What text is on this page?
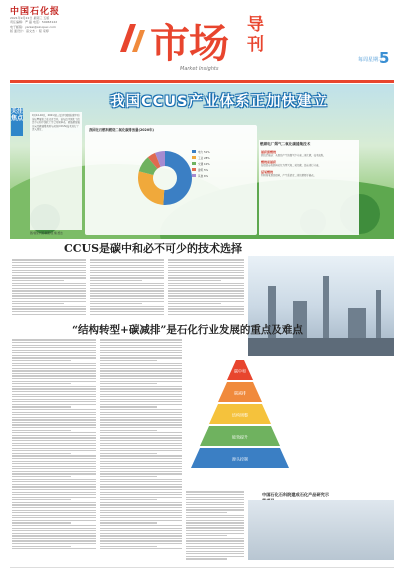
中国石化报
2021年9月22日 星期三 五版
责任编辑：严 磊 电话：59963122
电子邮箱：yanlei@sinopec.com
版 面设计：高文杰 ：程 家婷	市场 导刊
Market Insights
每周星期三
5
我国CCUS产业体系正加快建立
关注焦点	9月14-16日，2021(第三届)中国国际碳中和论坛暨展览会在北京召开。论坛由中国化工信息中心和中国化工学会共同举办，就低碳发展方向及碳捕集利用与封存(CCUS)技术进行了深入探讨。	我国化石燃料燃烧二氧化碳排放量(2020年)
电力 51%
工业 28%
交通 10%
建筑 5%
其他 6%
燃煤电厂烟气二氧化碳捕集技术
捕获源燃烧
燃烧后捕获：从燃烧产生的烟气中分离二氧化碳，技术成熟。
燃烧前捕获
在燃烧前将燃料转化为氢气和二氧化碳，提前进行分离。
富氧燃烧
利用纯氧燃烧燃料，产生高浓度二氧化碳便于捕获。
图/视觉中国 制图/张 楠 殷洁
CCUS是碳中和必不可少的技术选择
“结构转型+碳减排”是石化行业发展的重点及难点
碳中和
碳减排
结构调整
能效提升
源头控制
中国石化石科院建成石化产品研究示
